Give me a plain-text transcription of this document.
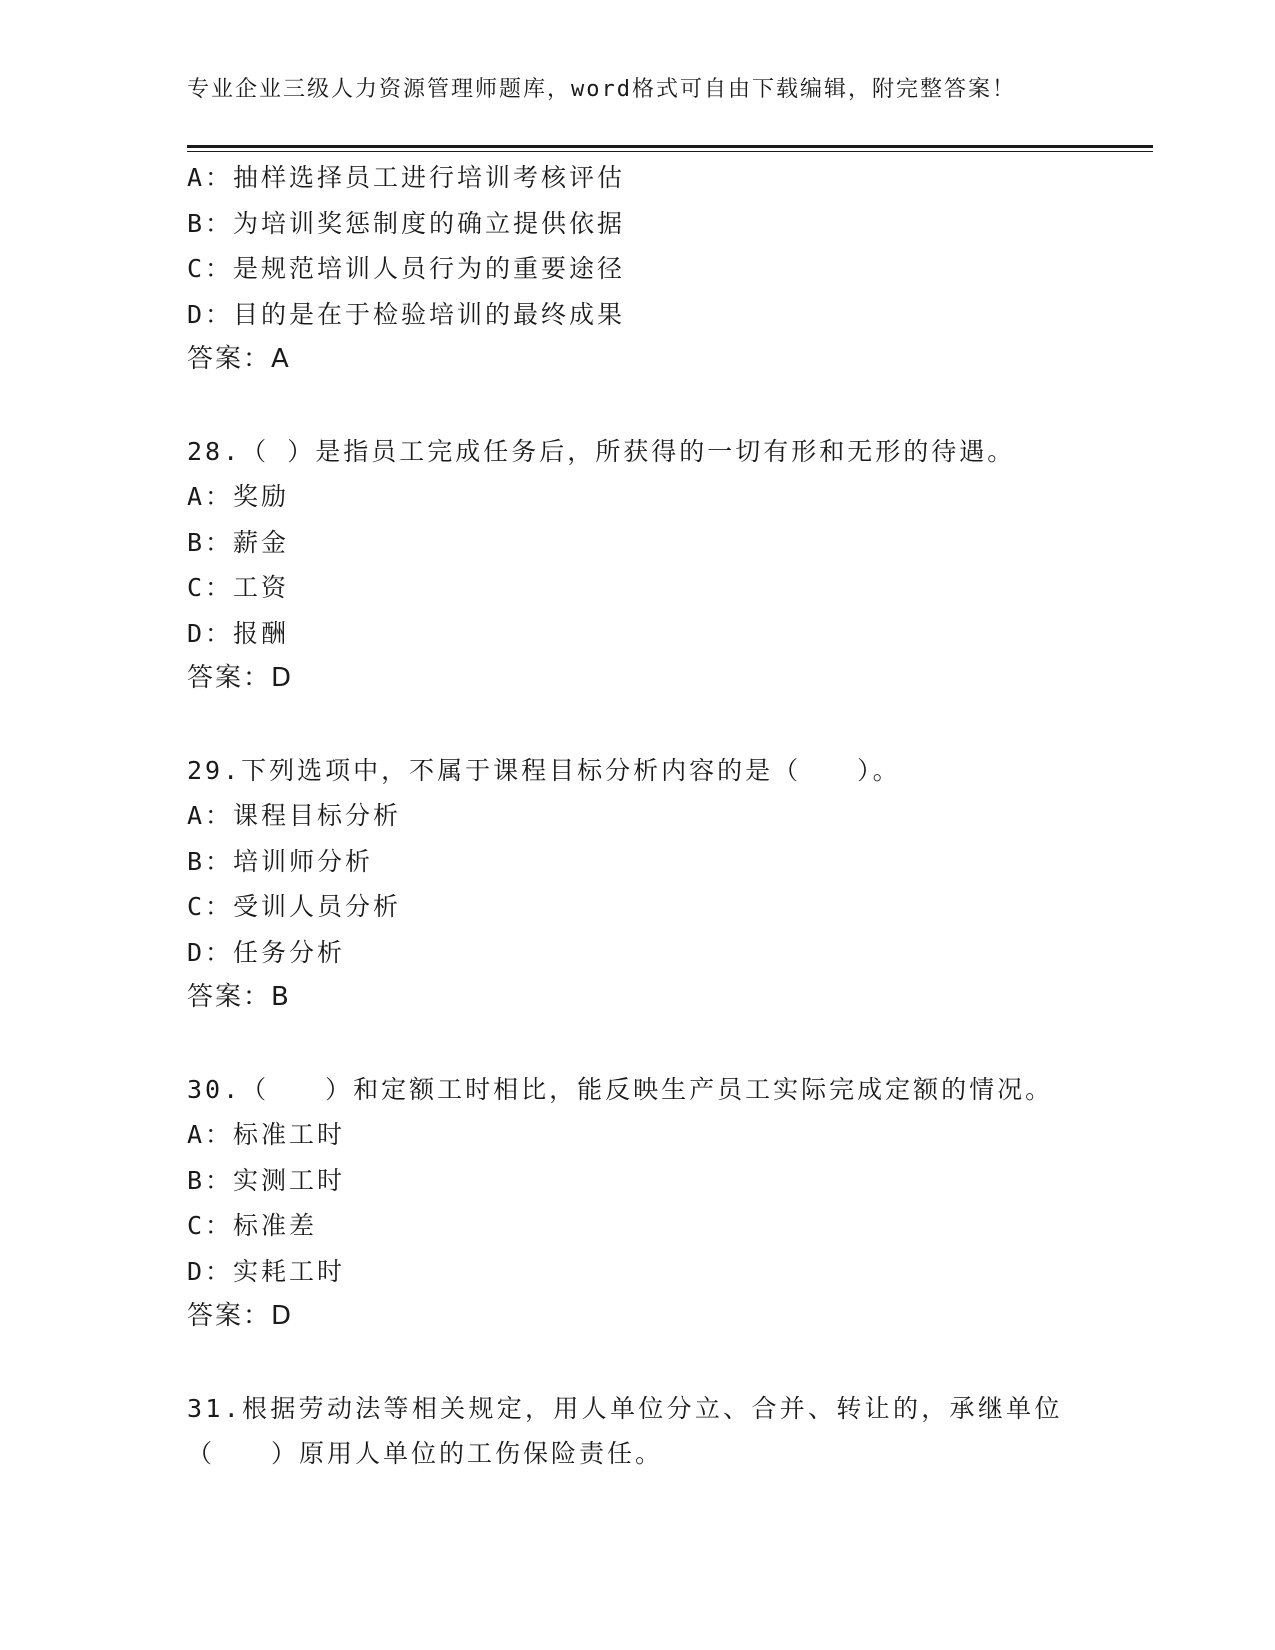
专业企业三级人力资源管理师题库，word格式可自由下载编辑，附完整答案！
A：抽样选择员工进行培训考核评估
B：为培训奖惩制度的确立提供依据
C：是规范培训人员行为的重要途径
D：目的是在于检验培训的最终成果
答案：A
28.（ ）是指员工完成任务后，所获得的一切有形和无形的待遇。
A：奖励
B：薪金
C：工资
D：报酬
答案：D
29.下列选项中，不属于课程目标分析内容的是（　　）。
A：课程目标分析
B：培训师分析
C：受训人员分析
D：任务分析
答案：B
30.（　　）和定额工时相比，能反映生产员工实际完成定额的情况。
A：标准工时
B：实测工时
C：标准差
D：实耗工时
答案：D
31.根据劳动法等相关规定，用人单位分立、合并、转让的，承继单位
（　　）原用人单位的工伤保险责任。
